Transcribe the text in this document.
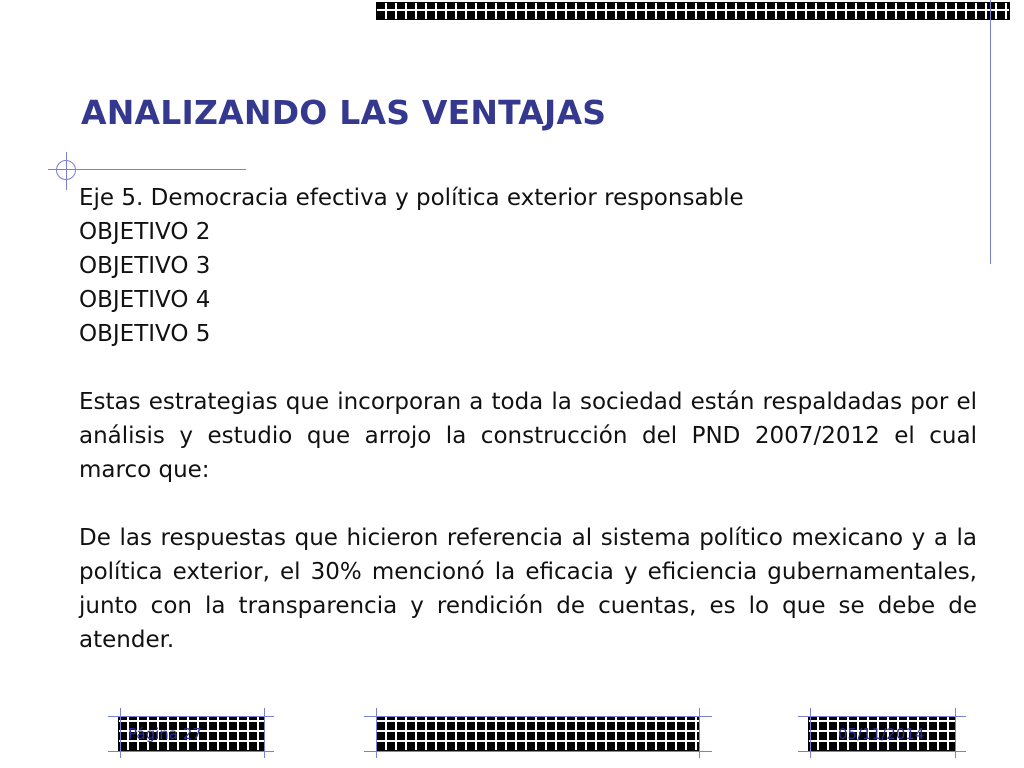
ANALIZANDO LAS VENTAJAS
Eje 5. Democracia efectiva y política exterior responsable
OBJETIVO 2
OBJETIVO 3
OBJETIVO 4
OBJETIVO 5
Estas estrategias que incorporan a toda la sociedad están respaldadas por el análisis y estudio que arrojo la construcción del PND 2007/2012 el cual marco que:
De las respuestas que hicieron referencia al sistema político mexicano y a la política exterior, el 30% mencionó la eficacia y eficiencia gubernamentales, junto con la transparencia y rendición de cuentas, es lo que se debe de atender.
Página 27	05/11/2014
